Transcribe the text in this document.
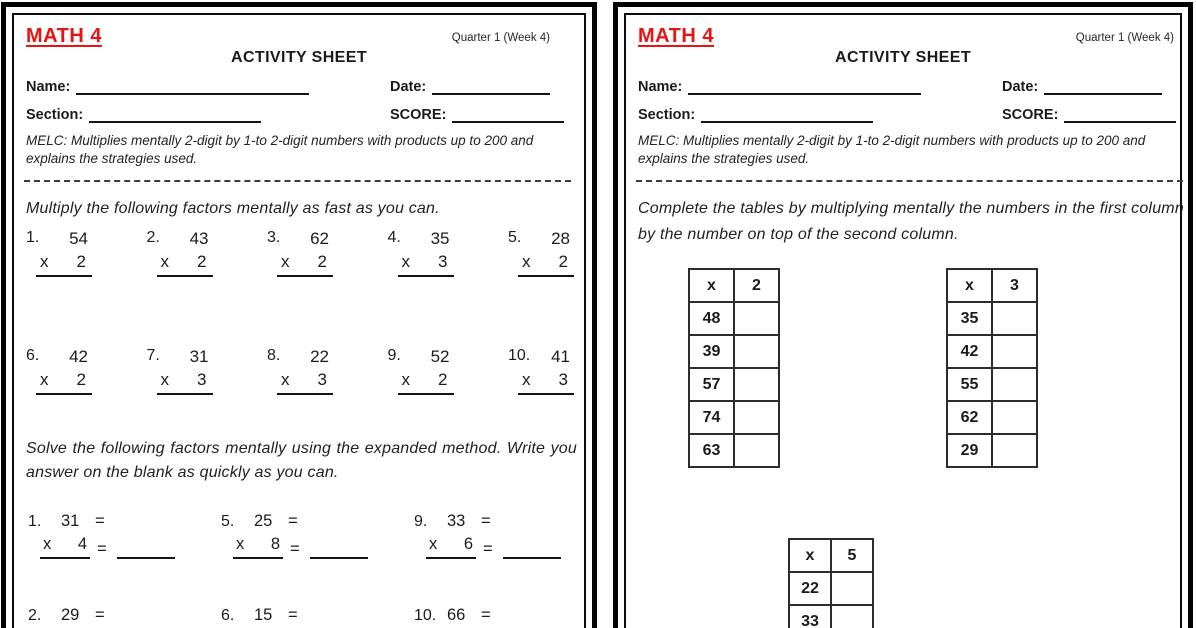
MATH 4	Quarter 1 (Week 4)
ACTIVITY SHEET
Name:	Date:
Section:	SCORE:
MELC: Multiplies mentally 2-digit by 1-to 2-digit numbers with products up to 200 and explains the strategies used.
Multiply the following factors mentally as fast as you can.
1.	54
x 2
2.	43
x 2
3.	62
x 2
4.	35
x 3
5.	28
x 2
6.	42
x 2
7.	31
x 3
8.	22
x 3
9.	52
x 2
10.	41
x 3
Solve the following factors mentally using the expanded method. Write you answer on the blank as quickly as you can.
1.	31 =
x 4 =
5.	25 =
x 8 =
9.	33 =
x 6 =
2.	29 =	6.	15 =	10. 66 =
MATH 4	Quarter 1 (Week 4)
ACTIVITY SHEET
Name:	Date:
Section:	SCORE:
MELC: Multiplies mentally 2-digit by 1-to 2-digit numbers with products up to 200 and explains the strategies used.
Complete the tables by multiplying mentally the numbers in the first column by the number on top of the second column.
x	2
48	
39	
57	
74	
63	
x	3
35	
42	
55	
62	
29	
x	5
22	
33	
